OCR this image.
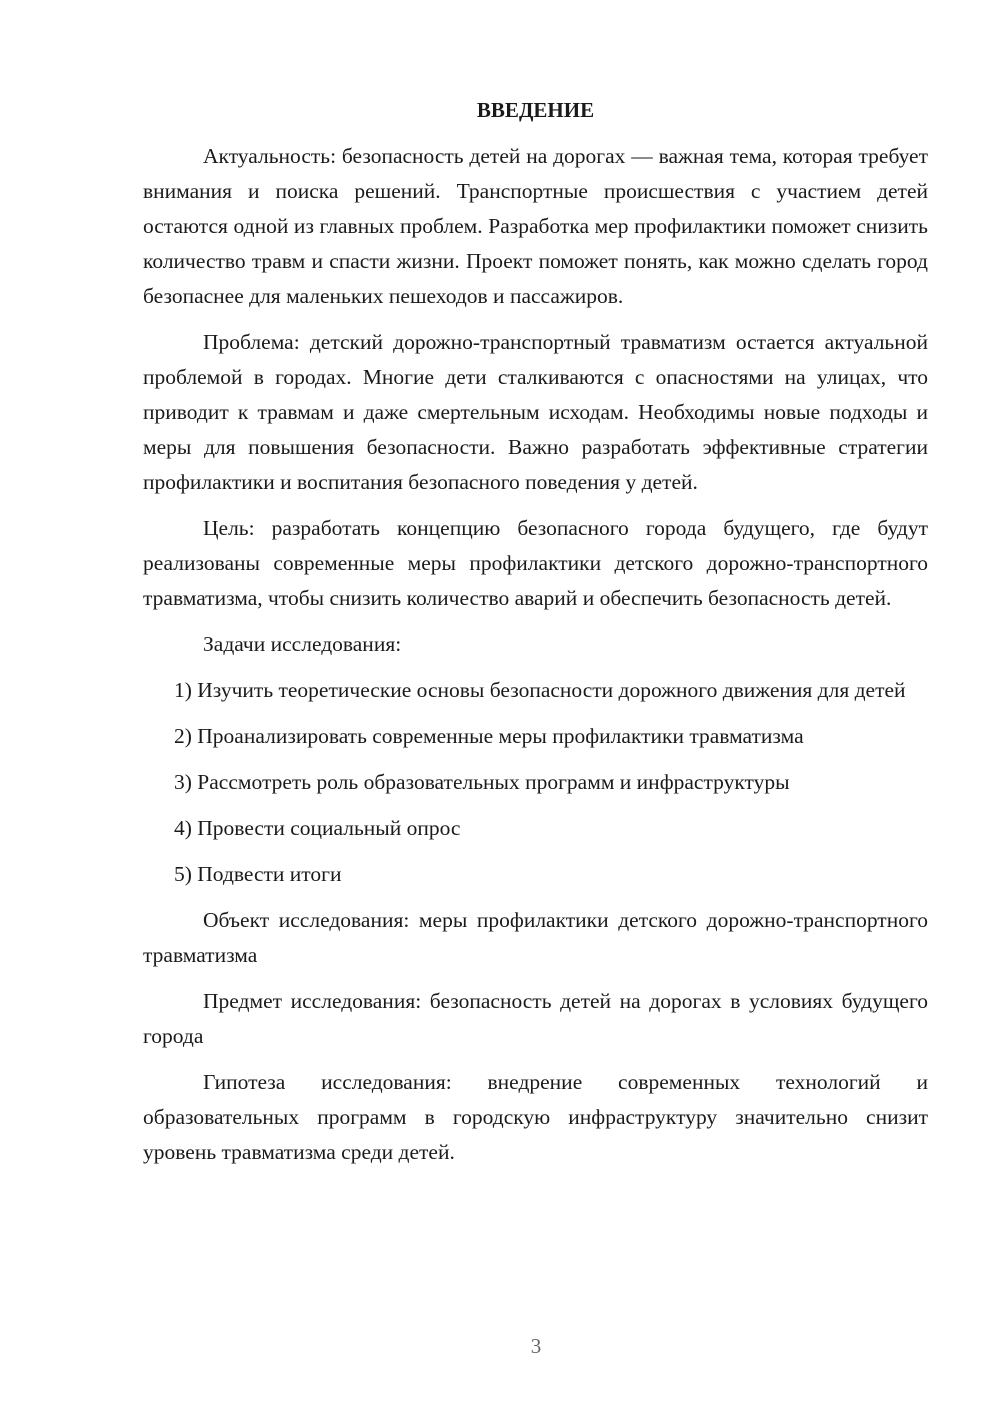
ВВЕДЕНИЕ

Актуальность: безопасность детей на дорогах — важная тема, которая требует внимания и поиска решений. Транспортные происшествия с участием детей остаются одной из главных проблем. Разработка мер профилактики поможет снизить количество травм и спасти жизни. Проект поможет понять, как можно сделать город безопаснее для маленьких пешеходов и пассажиров.

Проблема: детский дорожно-транспортный травматизм остается актуальной проблемой в городах. Многие дети сталкиваются с опасностями на улицах, что приводит к травмам и даже смертельным исходам. Необходимы новые подходы и меры для повышения безопасности. Важно разработать эффективные стратегии профилактики и воспитания безопасного поведения у детей.

Цель: разработать концепцию безопасного города будущего, где будут реализованы современные меры профилактики детского дорожно-транспортного травматизма, чтобы снизить количество аварий и обеспечить безопасность детей.

Задачи исследования:

1) Изучить теоретические основы безопасности дорожного движения для детей

2) Проанализировать современные меры профилактики травматизма

3) Рассмотреть роль образовательных программ и инфраструктуры

4) Провести социальный опрос

5) Подвести итоги

Объект исследования: меры профилактики детского дорожно-транспортного травматизма

Предмет исследования: безопасность детей на дорогах в условиях будущего города

Гипотеза исследования: внедрение современных технологий и образовательных программ в городскую инфраструктуру значительно снизит уровень травматизма среди детей.

3
